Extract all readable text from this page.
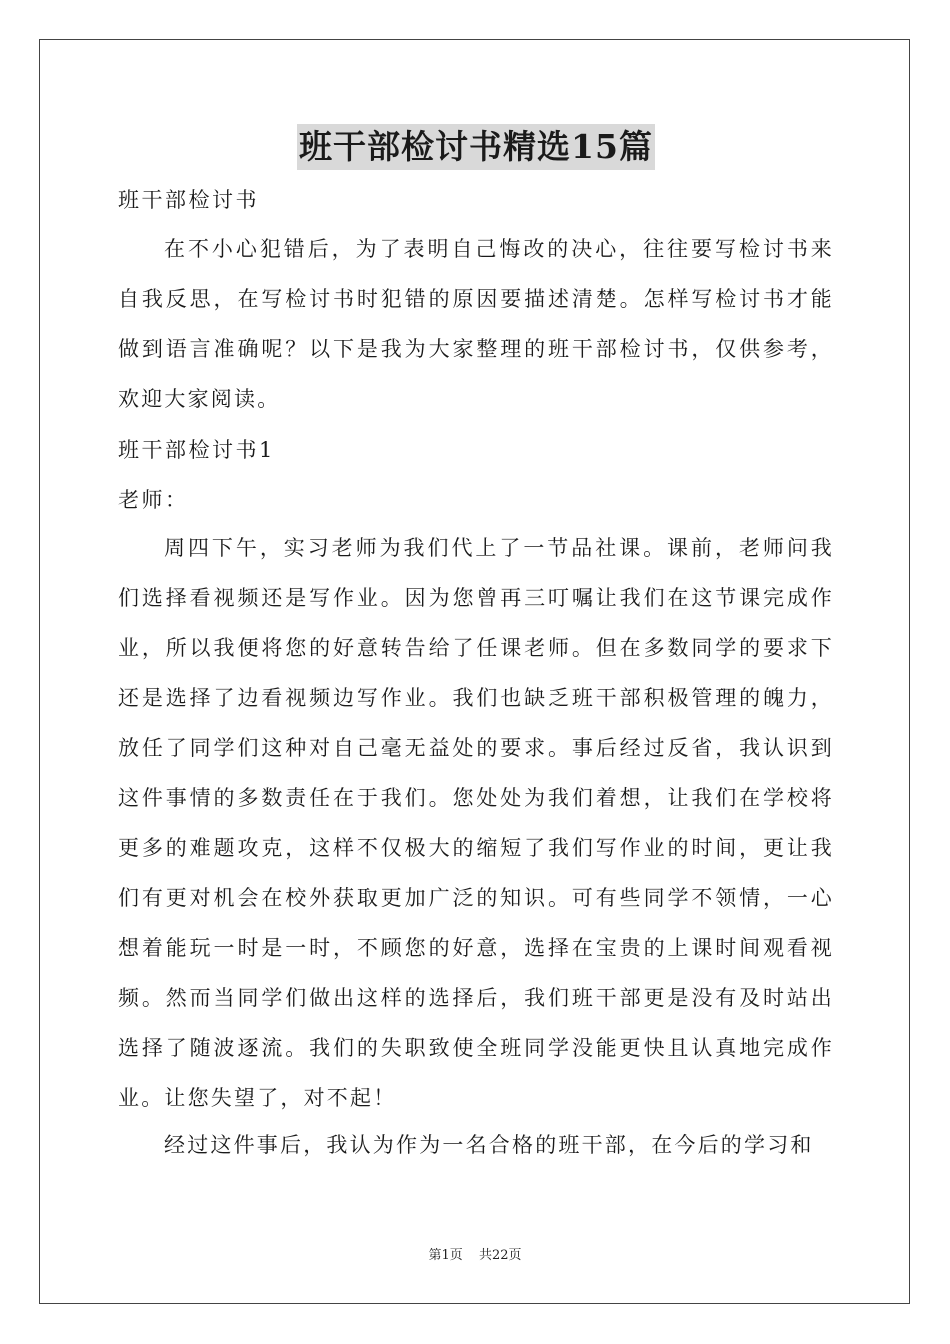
班干部检讨书精选15篇
班干部检讨书
在不小心犯错后，为了表明自己悔改的决心，往往要写检讨书来自我反思，在写检讨书时犯错的原因要描述清楚。怎样写检讨书才能做到语言准确呢？以下是我为大家整理的班干部检讨书，仅供参考，欢迎大家阅读。
班干部检讨书1
老师：
周四下午，实习老师为我们代上了一节品社课。课前，老师问我们选择看视频还是写作业。因为您曾再三叮嘱让我们在这节课完成作业，所以我便将您的好意转告给了任课老师。但在多数同学的要求下还是选择了边看视频边写作业。我们也缺乏班干部积极管理的魄力，放任了同学们这种对自己毫无益处的要求。事后经过反省，我认识到这件事情的多数责任在于我们。您处处为我们着想，让我们在学校将更多的难题攻克，这样不仅极大的缩短了我们写作业的时间，更让我们有更对机会在校外获取更加广泛的知识。可有些同学不领情，一心想着能玩一时是一时，不顾您的好意，选择在宝贵的上课时间观看视频。然而当同学们做出这样的选择后，我们班干部更是没有及时站出选择了随波逐流。我们的失职致使全班同学没能更快且认真地完成作业。让您失望了，对不起！
经过这件事后，我认为作为一名合格的班干部，在今后的学习和
第1页 共22页
